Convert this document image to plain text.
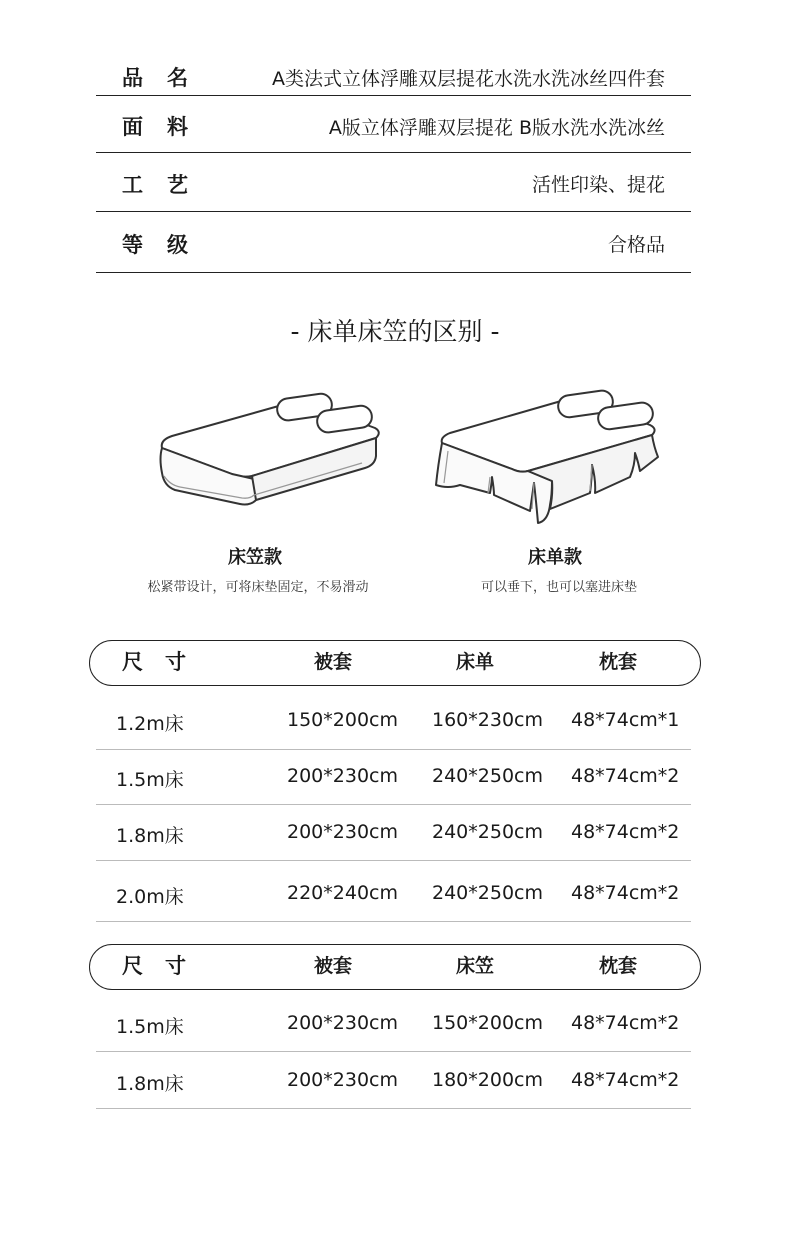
品名	A类法式立体浮雕双层提花水洗水洗冰丝四件套
面料	A版立体浮雕双层提花 B版水洗水洗冰丝
工艺	活性印染、提花
等级	合格品
- 床单床笠的区别 -
床笠款
松紧带设计，可将床垫固定，不易滑动
床单款
可以垂下，也可以塞进床垫
尺寸	被套	床单	枕套
1.2m床	150*200cm 160*230cm 48*74cm*1
1.5m床	200*230cm 240*250cm 48*74cm*2
1.8m床	200*230cm 240*250cm 48*74cm*2
2.0m床	220*240cm 240*250cm 48*74cm*2
尺寸	被套	床笠	枕套
1.5m床	200*230cm 150*200cm 48*74cm*2
1.8m床	200*230cm 180*200cm 48*74cm*2
